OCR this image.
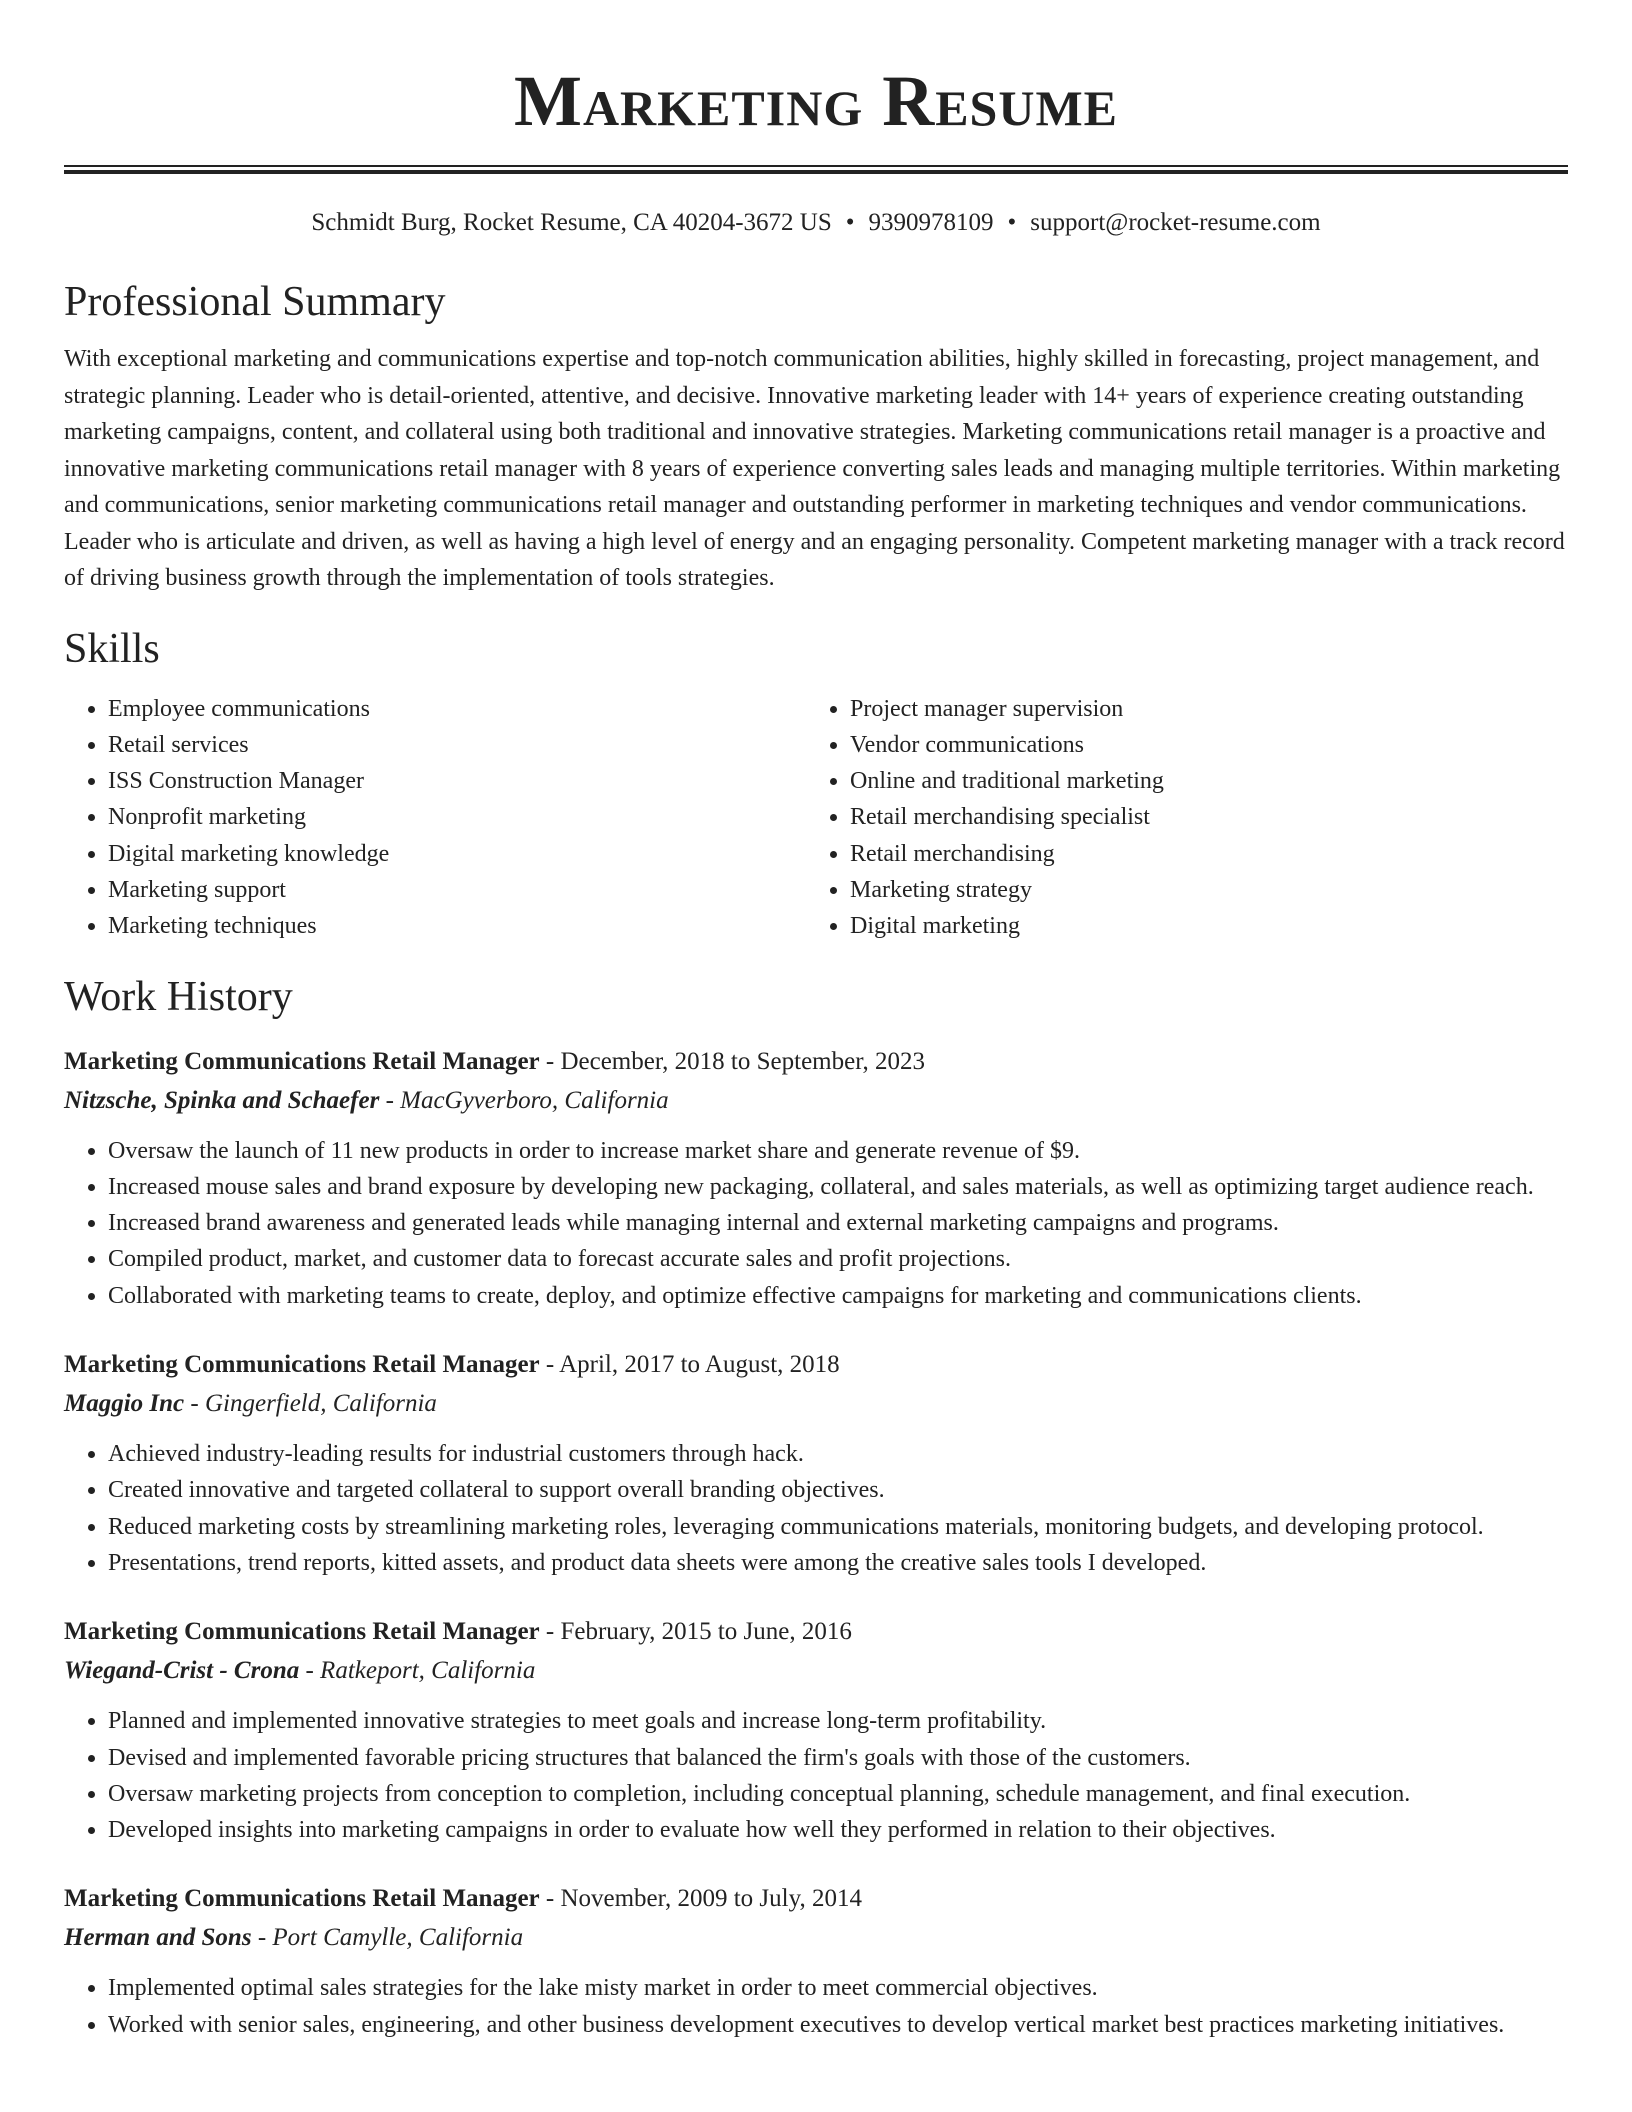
Marketing Resume
Schmidt Burg, Rocket Resume, CA 40204-3672 US • 9390978109 • support@rocket-resume.com
Professional Summary

With exceptional marketing and communications expertise and top-notch communication abilities, highly skilled in forecasting, project management, and strategic planning. Leader who is detail-oriented, attentive, and decisive. Innovative marketing leader with 14+ years of experience creating outstanding marketing campaigns, content, and collateral using both traditional and innovative strategies. Marketing communications retail manager is a proactive and innovative marketing communications retail manager with 8 years of experience converting sales leads and managing multiple territories. Within marketing and communications, senior marketing communications retail manager and outstanding performer in marketing techniques and vendor communications. Leader who is articulate and driven, as well as having a high level of energy and an engaging personality. Competent marketing manager with a track record of driving business growth through the implementation of tools strategies.

Skills
• Employee communications
• Retail services
• ISS Construction Manager
• Nonprofit marketing
• Digital marketing knowledge
• Marketing support
• Marketing techniques
• Project manager supervision
• Vendor communications
• Online and traditional marketing
• Retail merchandising specialist
• Retail merchandising
• Marketing strategy
• Digital marketing
Work History
Marketing Communications Retail Manager - December, 2018 to September, 2023
Nitzsche, Spinka and Schaefer - MacGyverboro, California
• Oversaw the launch of 11 new products in order to increase market share and generate revenue of $9.
• Increased mouse sales and brand exposure by developing new packaging, collateral, and sales materials, as well as optimizing target audience reach.
• Increased brand awareness and generated leads while managing internal and external marketing campaigns and programs.
• Compiled product, market, and customer data to forecast accurate sales and profit projections.
• Collaborated with marketing teams to create, deploy, and optimize effective campaigns for marketing and communications clients.
Marketing Communications Retail Manager - April, 2017 to August, 2018
Maggio Inc - Gingerfield, California
• Achieved industry-leading results for industrial customers through hack.
• Created innovative and targeted collateral to support overall branding objectives.
• Reduced marketing costs by streamlining marketing roles, leveraging communications materials, monitoring budgets, and developing protocol.
• Presentations, trend reports, kitted assets, and product data sheets were among the creative sales tools I developed.
Marketing Communications Retail Manager - February, 2015 to June, 2016
Wiegand-Crist - Crona - Ratkeport, California
• Planned and implemented innovative strategies to meet goals and increase long-term profitability.
• Devised and implemented favorable pricing structures that balanced the firm's goals with those of the customers.
• Oversaw marketing projects from conception to completion, including conceptual planning, schedule management, and final execution.
• Developed insights into marketing campaigns in order to evaluate how well they performed in relation to their objectives.
Marketing Communications Retail Manager - November, 2009 to July, 2014
Herman and Sons - Port Camylle, California
• Implemented optimal sales strategies for the lake misty market in order to meet commercial objectives.
• Worked with senior sales, engineering, and other business development executives to develop vertical market best practices marketing initiatives.
